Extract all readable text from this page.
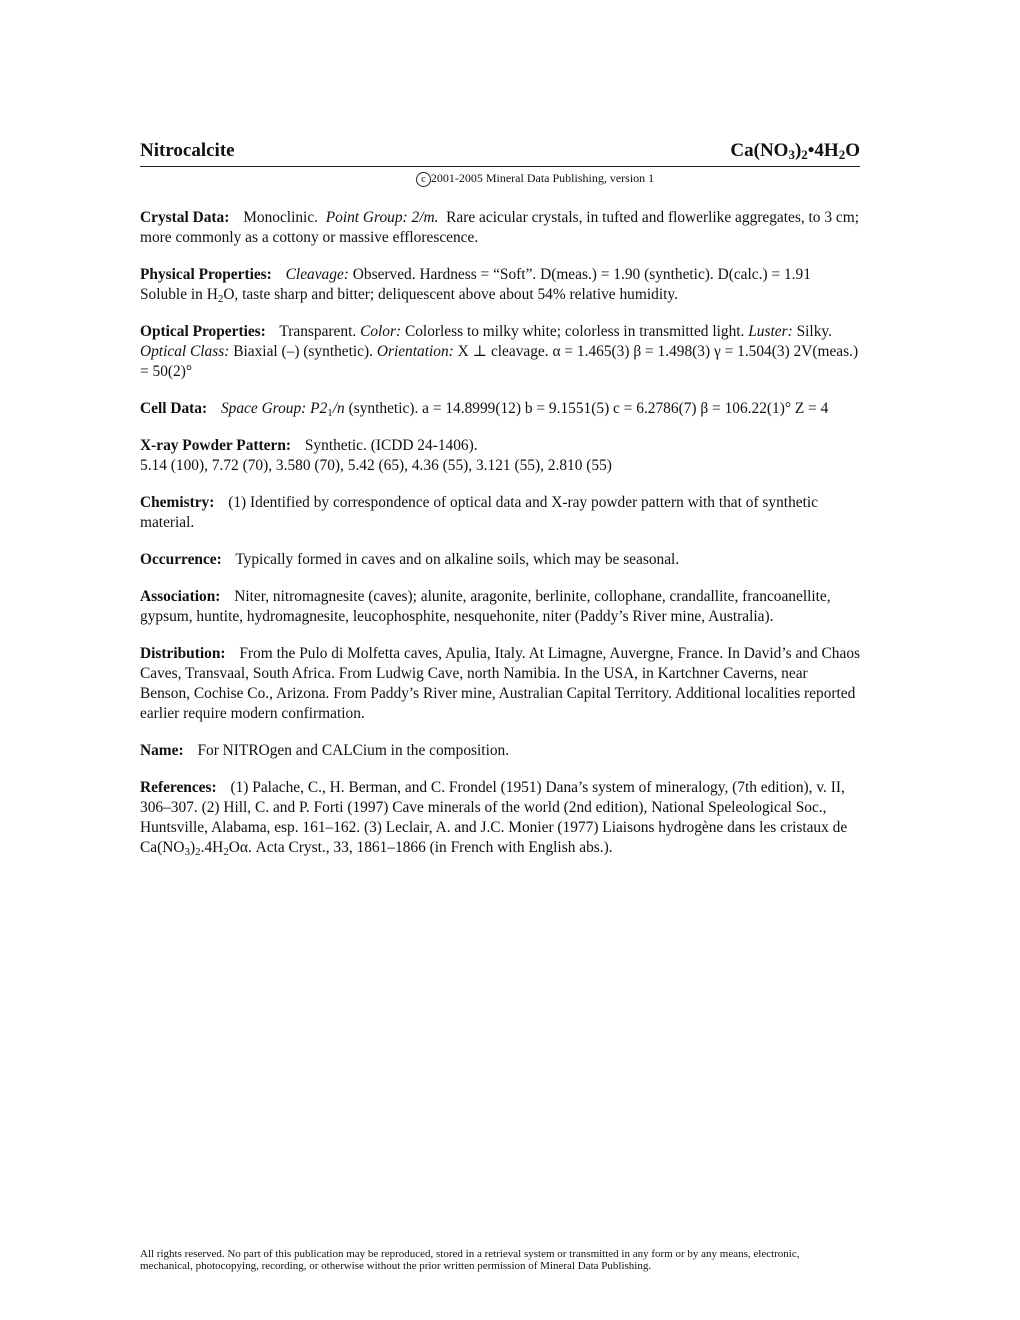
Nitrocalcite	$Ca(NO_3)_2•4H_2O$
c 2001-2005 Mineral Data Publishing, version 1
Crystal Data: Monoclinic. Point Group: 2/m. Rare acicular crystals, in tufted and flowerlike aggregates, to 3 cm; more commonly as a cottony or massive efflorescence.
Physical Properties: Cleavage: Observed. Hardness = “Soft”. D(meas.) = 1.90 (synthetic). D(calc.) = 1.91 Soluble in $H_2O$, taste sharp and bitter; deliquescent above about 54% relative humidity.
Optical Properties: Transparent. Color: Colorless to milky white; colorless in transmitted light. Luster: Silky.
Optical Class: Biaxial (–) (synthetic). Orientation: X ⊥ cleavage. α = 1.465(3) β = 1.498(3) γ = 1.504(3) 2V(meas.) = 50(2)°
Cell Data: Space Group: $P2_1/n$ (synthetic). a = 14.8999(12) b = 9.1551(5) c = 6.2786(7) β = 106.22(1)° Z = 4
X-ray Powder Pattern: Synthetic. (ICDD 24-1406).
5.14 (100), 7.72 (70), 3.580 (70), 5.42 (65), 4.36 (55), 3.121 (55), 2.810 (55)
Chemistry: (1) Identified by correspondence of optical data and X-ray powder pattern with that of synthetic material.
Occurrence: Typically formed in caves and on alkaline soils, which may be seasonal.
Association: Niter, nitromagnesite (caves); alunite, aragonite, berlinite, collophane, crandallite, francoanellite, gypsum, huntite, hydromagnesite, leucophosphite, nesquehonite, niter (Paddy’s River mine, Australia).
Distribution: From the Pulo di Molfetta caves, Apulia, Italy. At Limagne, Auvergne, France. In David’s and Chaos Caves, Transvaal, South Africa. From Ludwig Cave, north Namibia. In the USA, in Kartchner Caverns, near Benson, Cochise Co., Arizona. From Paddy’s River mine, Australian Capital Territory. Additional localities reported earlier require modern confirmation.
Name: For NITROgen and CALCium in the composition.
References: (1) Palache, C., H. Berman, and C. Frondel (1951) Dana’s system of mineralogy, (7th edition), v. II, 306–307. (2) Hill, C. and P. Forti (1997) Cave minerals of the world (2nd edition), National Speleological Soc., Huntsville, Alabama, esp. 161–162. (3) Leclair, A. and J.C. Monier (1977) Liaisons hydrogène dans les cristaux de $Ca(NO_3)_2.4H_2O\alpha$. Acta Cryst., 33, 1861–1866 (in French with English abs.).
All rights reserved. No part of this publication may be reproduced, stored in a retrieval system or transmitted in any form or by any means, electronic, mechanical, photocopying, recording, or otherwise without the prior written permission of Mineral Data Publishing.
